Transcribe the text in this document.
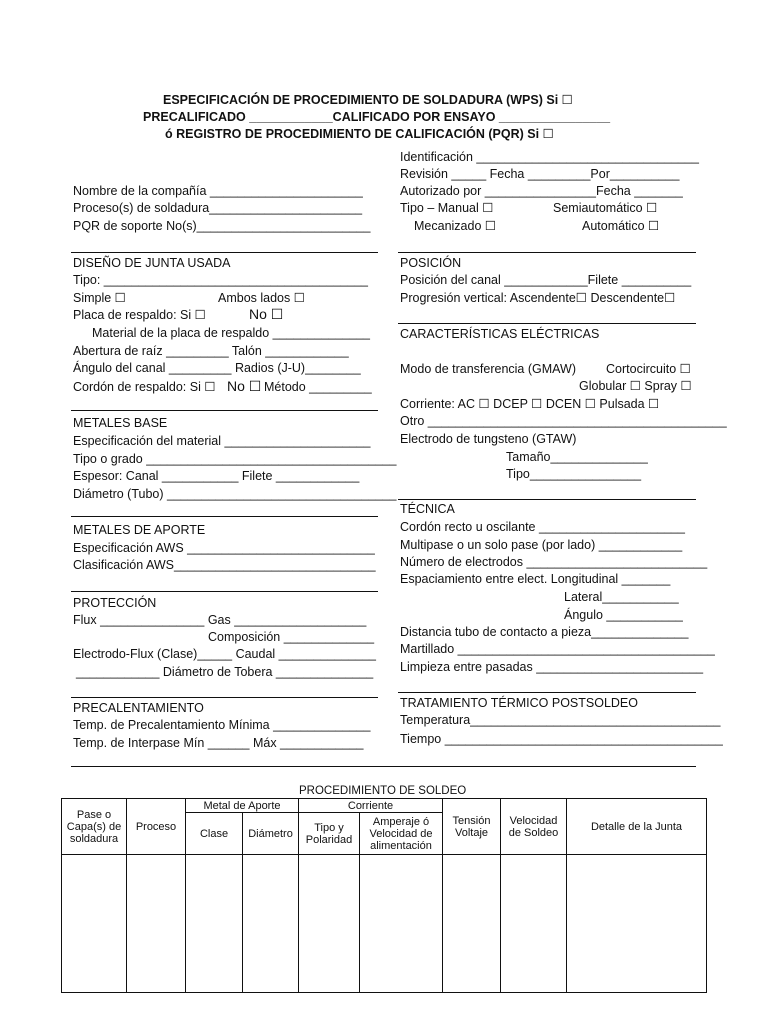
ESPECIFICACIÓN DE PROCEDIMIENTO DE SOLDADURA (WPS) Si ☐
PRECALIFICADO ____________CALIFICADO POR ENSAYO ________________
ó REGISTRO DE PROCEDIMIENTO DE CALIFICACIÓN (PQR) Si ☐
Identificación ________________________________
Revisión _____ Fecha _________Por__________
Autorizado por ________________Fecha _______
Tipo – Manual ☐	Semiautomático ☐
Mecanizado ☐	Automático ☐
Nombre de la compañía ______________________
Proceso(s) de soldadura______________________
PQR de soporte No(s)_________________________
DISEÑO DE JUNTA USADA
Tipo: ______________________________________
Simple ☐	Ambos lados ☐
Placa de respaldo: Si ☐	No ☐
Material de la placa de respaldo ______________
Abertura de raíz _________ Talón ____________
Ángulo del canal _________ Radios (J-U)________
Cordón de respaldo: Si ☐ No ☐ Método _________
POSICIÓN
Posición del canal ____________Filete __________
Progresión vertical: Ascendente☐ Descendente☐
CARACTERÍSTICAS ELÉCTRICAS
Modo de transferencia (GMAW) Cortocircuito ☐
Globular ☐ Spray ☐
Corriente: AC ☐ DCEP ☐ DCEN ☐ Pulsada ☐
Otro ___________________________________________
Electrodo de tungsteno (GTAW)
Tamaño______________
Tipo________________
METALES BASE
Especificación del material _____________________
Tipo o grado ____________________________________
Espesor: Canal ___________ Filete ____________
Diámetro (Tubo) _________________________________
METALES DE APORTE
Especificación AWS ___________________________
Clasificación AWS_____________________________
TÉCNICA
Cordón recto u oscilante _____________________
Multipase o un solo pase (por lado) ____________
Número de electrodos __________________________
Espaciamiento entre elect. Longitudinal _______
Lateral___________
Ángulo ___________
Distancia tubo de contacto a pieza______________
Martillado _____________________________________
Limpieza entre pasadas ________________________
PROTECCIÓN
Flux _______________ Gas ___________________
Composición _____________
Electrodo-Flux (Clase)_____ Caudal ______________
____________ Diámetro de Tobera ______________
PRECALENTAMIENTO
Temp. de Precalentamiento Mínima ______________
Temp. de Interpase Mín ______ Máx ____________
TRATAMIENTO TÉRMICO POSTSOLDEO
Temperatura____________________________________
Tiempo ________________________________________
PROCEDIMIENTO DE SOLDEO
Pase o Capa(s) de soldadura	Proceso	Metal de Aporte		Corriente		Tensión Voltaje	Velocidad de Soldeo	Detalle de la Junta
		Clase	Diámetro	Tipo y Polaridad	Amperaje ó Velocidad de alimentación			
